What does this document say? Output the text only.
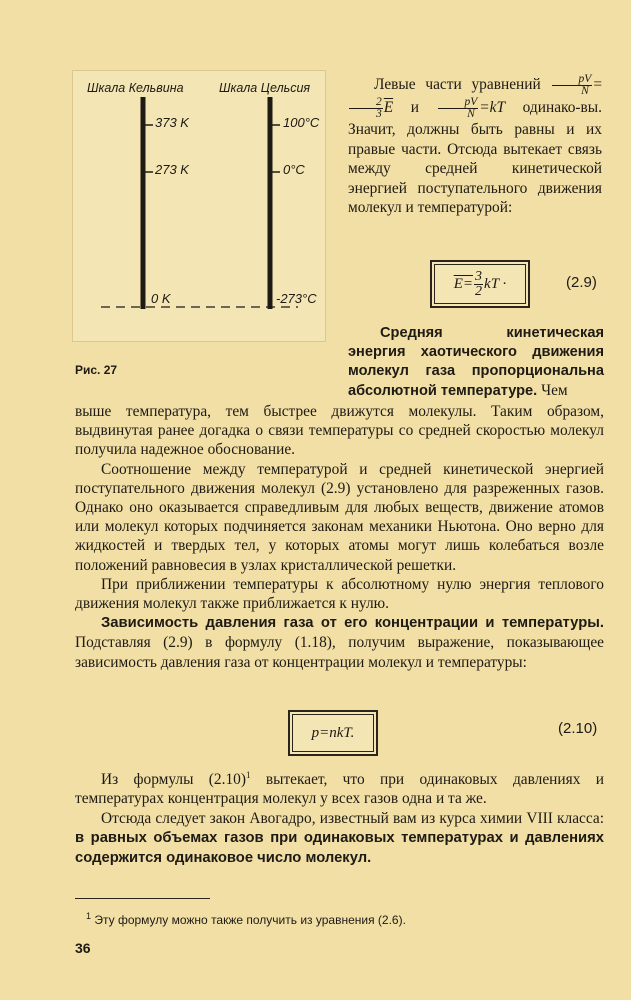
Шкала Кельвина	Шкала Цельсия
373 K
273 K
0 K
100°C
0°C
-273°C
Рис. 27

Левые части уравнений $\frac{pV}{N}$ =
$\frac{2}{3} \overline{E}$ и $\frac{pV}{N} =kT$ одинако-вы. Значит, должны быть равны и их правые части. Отсюда вытекает связь между средней кинетической энергией поступательного движения молекул и температурой:

$E= \frac{3}{2}$ kT ·	(2.9)
Средняя кинетическая энергия хаотического движения молекул газа пропорциональна абсолютной температуре. Чем

выше температура, тем быстрее движутся молекулы. Таким образом, выдвинутая ранее догадка о связи температуры со средней скоростью молекул получила надежное обоснование.

Соотношение между температурой и средней кинетической энергией поступательного движения молекул (2.9) установлено для разреженных газов. Однако оно оказывается справедливым для любых веществ, движение атомов или молекул которых подчиняется законам механики Ньютона. Оно верно для жидкостей и твердых тел, у которых атомы могут лишь колебаться возле положений равновесия в узлах кристаллической решетки.

При приближении температуры к абсолютному нулю энергия теплового движения молекул также приближается к нулю.

Зависимость давления газа от его концентрации и температуры. Подставляя (2.9) в формулу (1.18), получим выражение, показывающее зависимость давления газа от концентрации молекул и температуры:

p=nkT.	(2.10)

Из формулы $(2.10)^1$ вытекает, что при одинаковых давлениях и температурах концентрация молекул у всех газов одна и та же.

Отсюда следует закон Авогадро, известный вам из курса химии VIII класса: в равных объемах газов при одинаковых температурах и давлениях содержится одинаковое число молекул.

$^1$ Эту формулу можно также получить из уравнения (2.6).
36
